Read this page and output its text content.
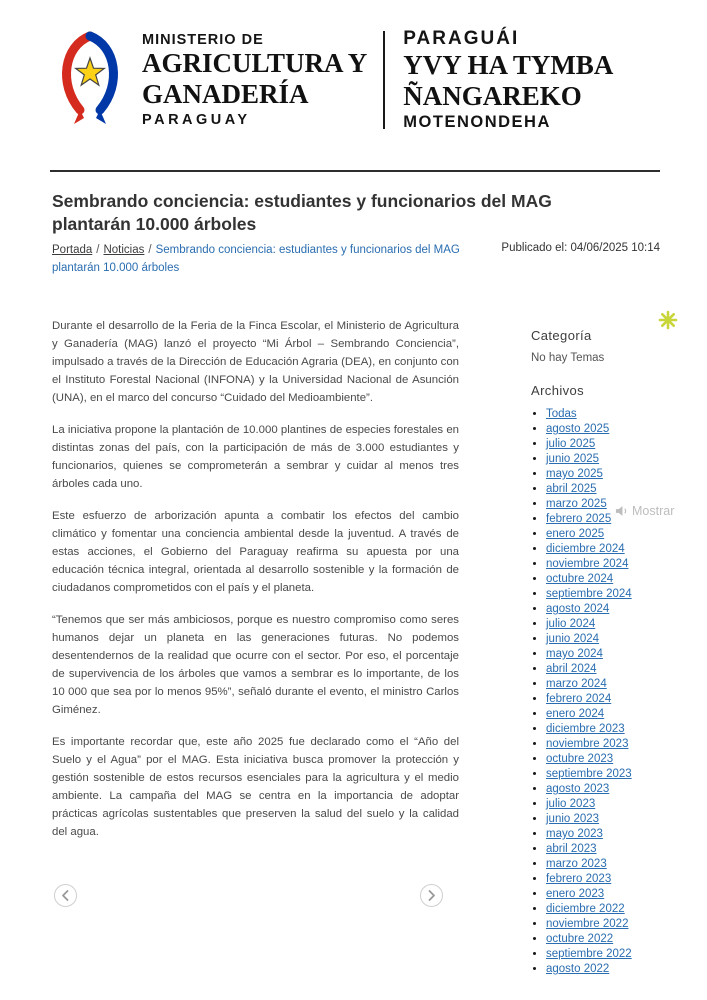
MINISTERIO DE
AGRICULTURA Y
GANADERÍA
PARAGUAY
PARAGUÁI
YVY HA TYMBA
ÑANGAREKO
MOTENONDEHA
Sembrando conciencia: estudiantes y funcionarios del MAG plantarán 10.000 árboles
Portada / Noticias / Sembrando conciencia: estudiantes y funcionarios del MAG plantarán 10.000 árboles
Publicado el: 04/06/2025 10:14

Durante el desarrollo de la Feria de la Finca Escolar, el Ministerio de Agricultura y Ganadería (MAG) lanzó el proyecto “Mi Árbol – Sembrando Conciencia”, impulsado a través de la Dirección de Educación Agraria (DEA), en conjunto con el Instituto Forestal Nacional (INFONA) y la Universidad Nacional de Asunción (UNA), en el marco del concurso “Cuidado del Medioambiente”.

La iniciativa propone la plantación de 10.000 plantines de especies forestales en distintas zonas del país, con la participación de más de 3.000 estudiantes y funcionarios, quienes se comprometerán a sembrar y cuidar al menos tres árboles cada uno.

Este esfuerzo de arborización apunta a combatir los efectos del cambio climático y fomentar una conciencia ambiental desde la juventud. A través de estas acciones, el Gobierno del Paraguay reafirma su apuesta por una educación técnica integral, orientada al desarrollo sostenible y la formación de ciudadanos comprometidos con el país y el planeta.

“Tenemos que ser más ambiciosos, porque es nuestro compromiso como seres humanos dejar un planeta en las generaciones futuras. No podemos desentendernos de la realidad que ocurre con el sector. Por eso, el porcentaje de supervivencia de los árboles que vamos a sembrar es lo importante, de los 10 000 que sea por lo menos 95%”, señaló durante el evento, el ministro Carlos Giménez.

Es importante recordar que, este año 2025 fue declarado como el “Año del Suelo y el Agua” por el MAG. Esta iniciativa busca promover la protección y gestión sostenible de estos recursos esenciales para la agricultura y el medio ambiente. La campaña del MAG se centra en la importancia de adoptar prácticas agrícolas sustentables que preserven la salud del suelo y la calidad del agua.

Categoría

No hay Temas

Archivos
• Todas
• agosto 2025
• julio 2025
• junio 2025
• mayo 2025
• abril 2025
• marzo 2025
• febrero 2025
• enero 2025
• diciembre 2024
• noviembre 2024
• octubre 2024
• septiembre 2024
• agosto 2024
• julio 2024
• junio 2024
• mayo 2024
• abril 2024
• marzo 2024
• febrero 2024
• enero 2024
• diciembre 2023
• noviembre 2023
• octubre 2023
• septiembre 2023
• agosto 2023
• julio 2023
• junio 2023
• mayo 2023
• abril 2023
• marzo 2023
• febrero 2023
• enero 2023
• diciembre 2022
• noviembre 2022
• octubre 2022
• septiembre 2022
• agosto 2022
Mostrar
